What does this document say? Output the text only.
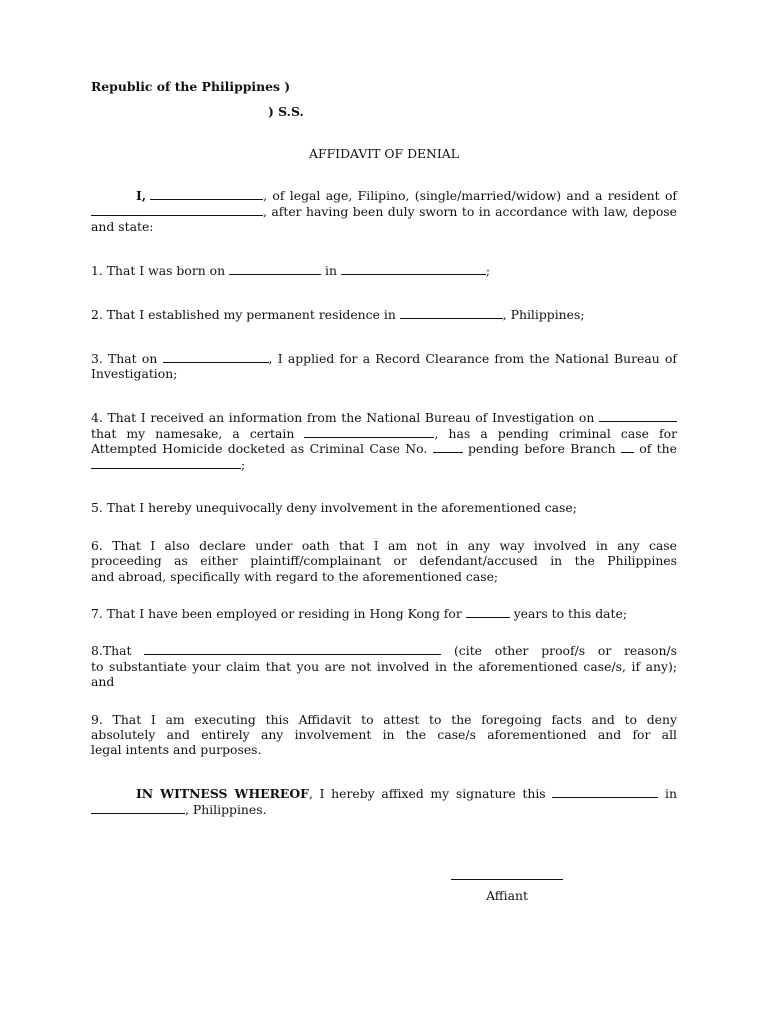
Republic of the Philippines )
) S.S.
AFFIDAVIT OF DENIAL
I,	, of legal age, Filipino, (single/married/widow) and a resident of
, after having been duly sworn to in accordance with law, depose
and state:
1. That I was born on	in	;
2. That I established my permanent residence in	, Philippines;
3. That on	, I applied for a Record Clearance from the National Bureau of
Investigation;
4. That I received an information from the National Bureau of Investigation on
that my namesake, a certain	, has a pending criminal case for
Attempted Homicide docketed as Criminal Case No.	pending before Branch of the
;
5. That I hereby unequivocally deny involvement in the aforementioned case;
6. That I also declare under oath that I am not in any way involved in any case
proceeding as either plaintiff/complainant or defendant/accused in the Philippines
and abroad, specifically with regard to the aforementioned case;
7. That I have been employed or residing in Hong Kong for	years to this date;
8.That	(cite other proof/s or reason/s
to substantiate your claim that you are not involved in the aforementioned case/s, if any);
and
9. That I am executing this Affidavit to attest to the foregoing facts and to deny
absolutely and entirely any involvement in the case/s aforementioned and for all
legal intents and purposes.
IN WITNESS WHEREOF, I hereby affixed my signature this	in
, Philippines.
Affiant
